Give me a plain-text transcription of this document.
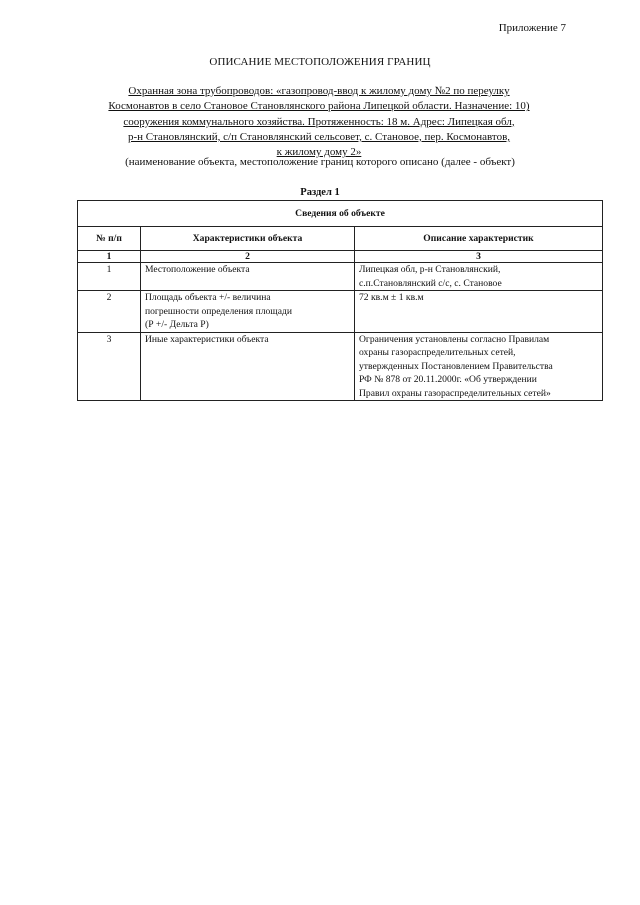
Приложение 7
ОПИСАНИЕ МЕСТОПОЛОЖЕНИЯ ГРАНИЦ
Охранная зона трубопроводов: «газопровод-ввод к жилому дому №2 по переулку
Космонавтов в село Становое Становлянского района Липецкой области. Назначение: 10)
сооружения коммунального хозяйства. Протяженность: 18 м. Адрес: Липецкая обл,
р-н Становлянский, с/п Становлянский сельсовет, с. Становое, пер. Космонавтов,
к жилому дому 2»
(наименование объекта, местоположение границ которого описано (далее - объект)
Раздел 1
Сведения об объекте		
№ п/п	Характеристики объекта	Описание характеристик
1	2	3
1	Местоположение объекта	Липецкая обл, р-н Становлянский,
с.п.Становлянский с/с, с. Становое

2	Площадь объекта +/- величина
погрешности определения площади
(Р +/- Дельта Р)	72 кв.м ± 1 кв.м

3	Иные характеристики объекта	Ограничения установлены согласно Правилам
охраны газораспределительных сетей,
утвержденных Постановлением Правительства
РФ № 878 от 20.11.2000г. «Об утверждении
Правил охраны газораспределительных сетей»
